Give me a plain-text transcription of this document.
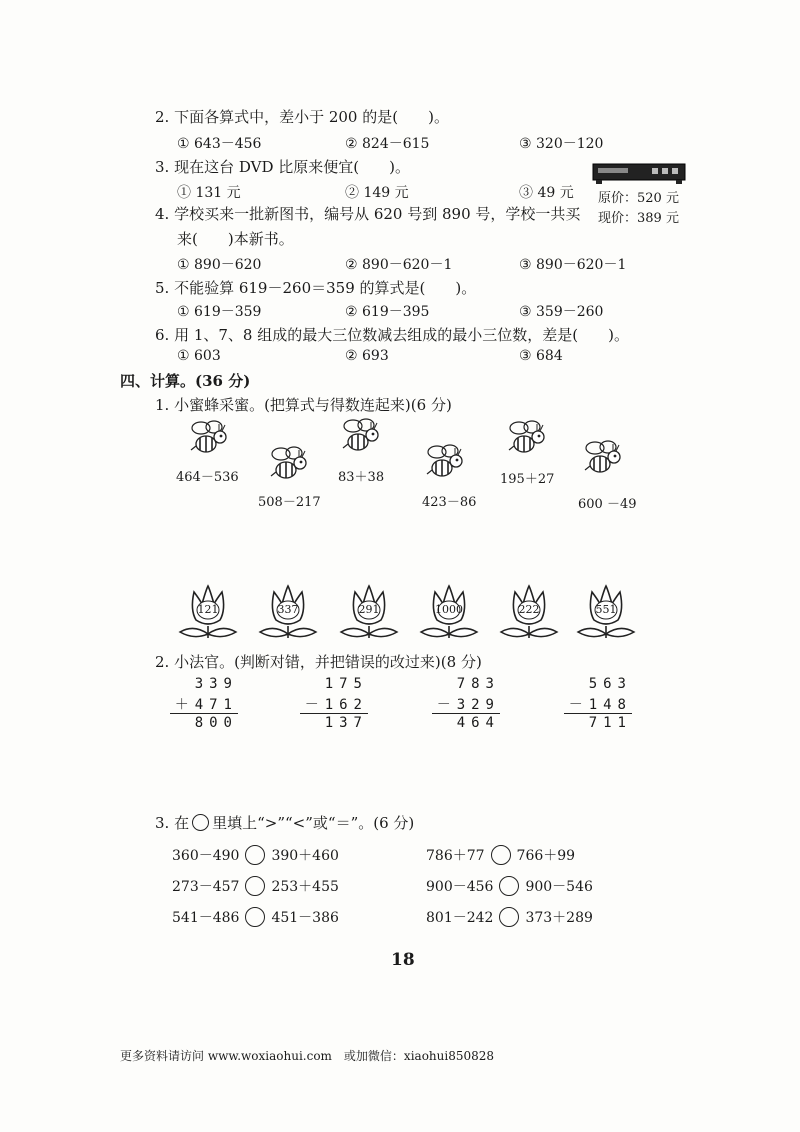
2. 下面各算式中，差小于 200 的是(　　)。
① 643－456	② 824－615	③ 320－120
3. 现在这台 DVD 比原来便宜(　　)。
① 131 元	② 149 元	③ 49 元 原价：520 元
现价：389 元
4. 学校买来一批新图书，编号从 620 号到 890 号，学校一共买
来(　　)本新书。
① 890－620	② 890－620－1	③ 890－620－1
5. 不能验算 619－260＝359 的算式是(　　)。
① 619－359	② 619－395	③ 359－260
6. 用 1、7、8 组成的最大三位数减去组成的最小三位数，差是(　　)。
① 603	② 693	③ 684
四、计算。(36 分)
1. 小蜜蜂采蜜。(把算式与得数连起来)(6 分)
464－536
508－217
83＋38
423－86
195＋27
600 －49
121	337	291	1000	222	551
2. 小法官。(判断对错，并把错误的改过来)(8 分)
339
＋471
800
175
－162
137
783
－329
464
563
－148
711
3. 在 里填上“>”“<”或“＝”。(6 分)
360－490 390＋460	786＋77 766＋99
273－457 253＋455	900－456 900－546
541－486 451－386	801－242 373＋289
18
更多资料请访问 www.woxiaohui.com　或加微信：xiaohui850828
